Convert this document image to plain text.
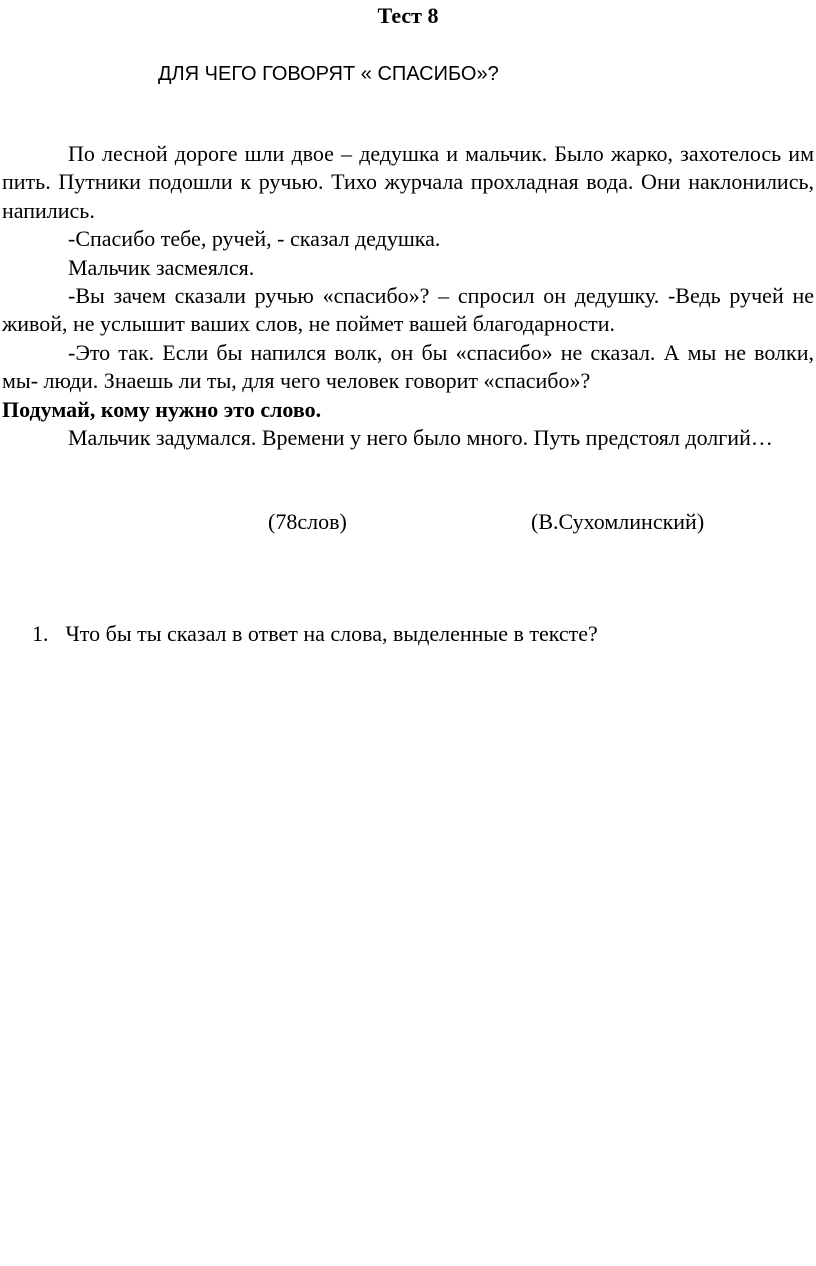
Тест 8
ДЛЯ ЧЕГО ГОВОРЯТ « СПАСИБО»?

По лесной дороге шли двое – дедушка и мальчик. Было жарко, захотелось им пить. Путники подошли к ручью. Тихо журчала прохладная вода. Они наклонились, напились.

-Спасибо тебе, ручей, - сказал дедушка.

Мальчик засмеялся.

-Вы зачем сказали ручью «спасибо»? – спросил он дедушку. -Ведь ручей не живой, не услышит ваших слов, не поймет вашей благодарности.

-Это так. Если бы напился волк, он бы «спасибо» не сказал. А мы не волки, мы- люди. Знаешь ли ты, для чего человек говорит «спасибо»?

Подумай, кому нужно это слово.

Мальчик задумался. Времени у него было много. Путь предстоял долгий…

(78слов)	(В.Сухомлинский)
1. Что бы ты сказал в ответ на слова, выделенные в тексте?
